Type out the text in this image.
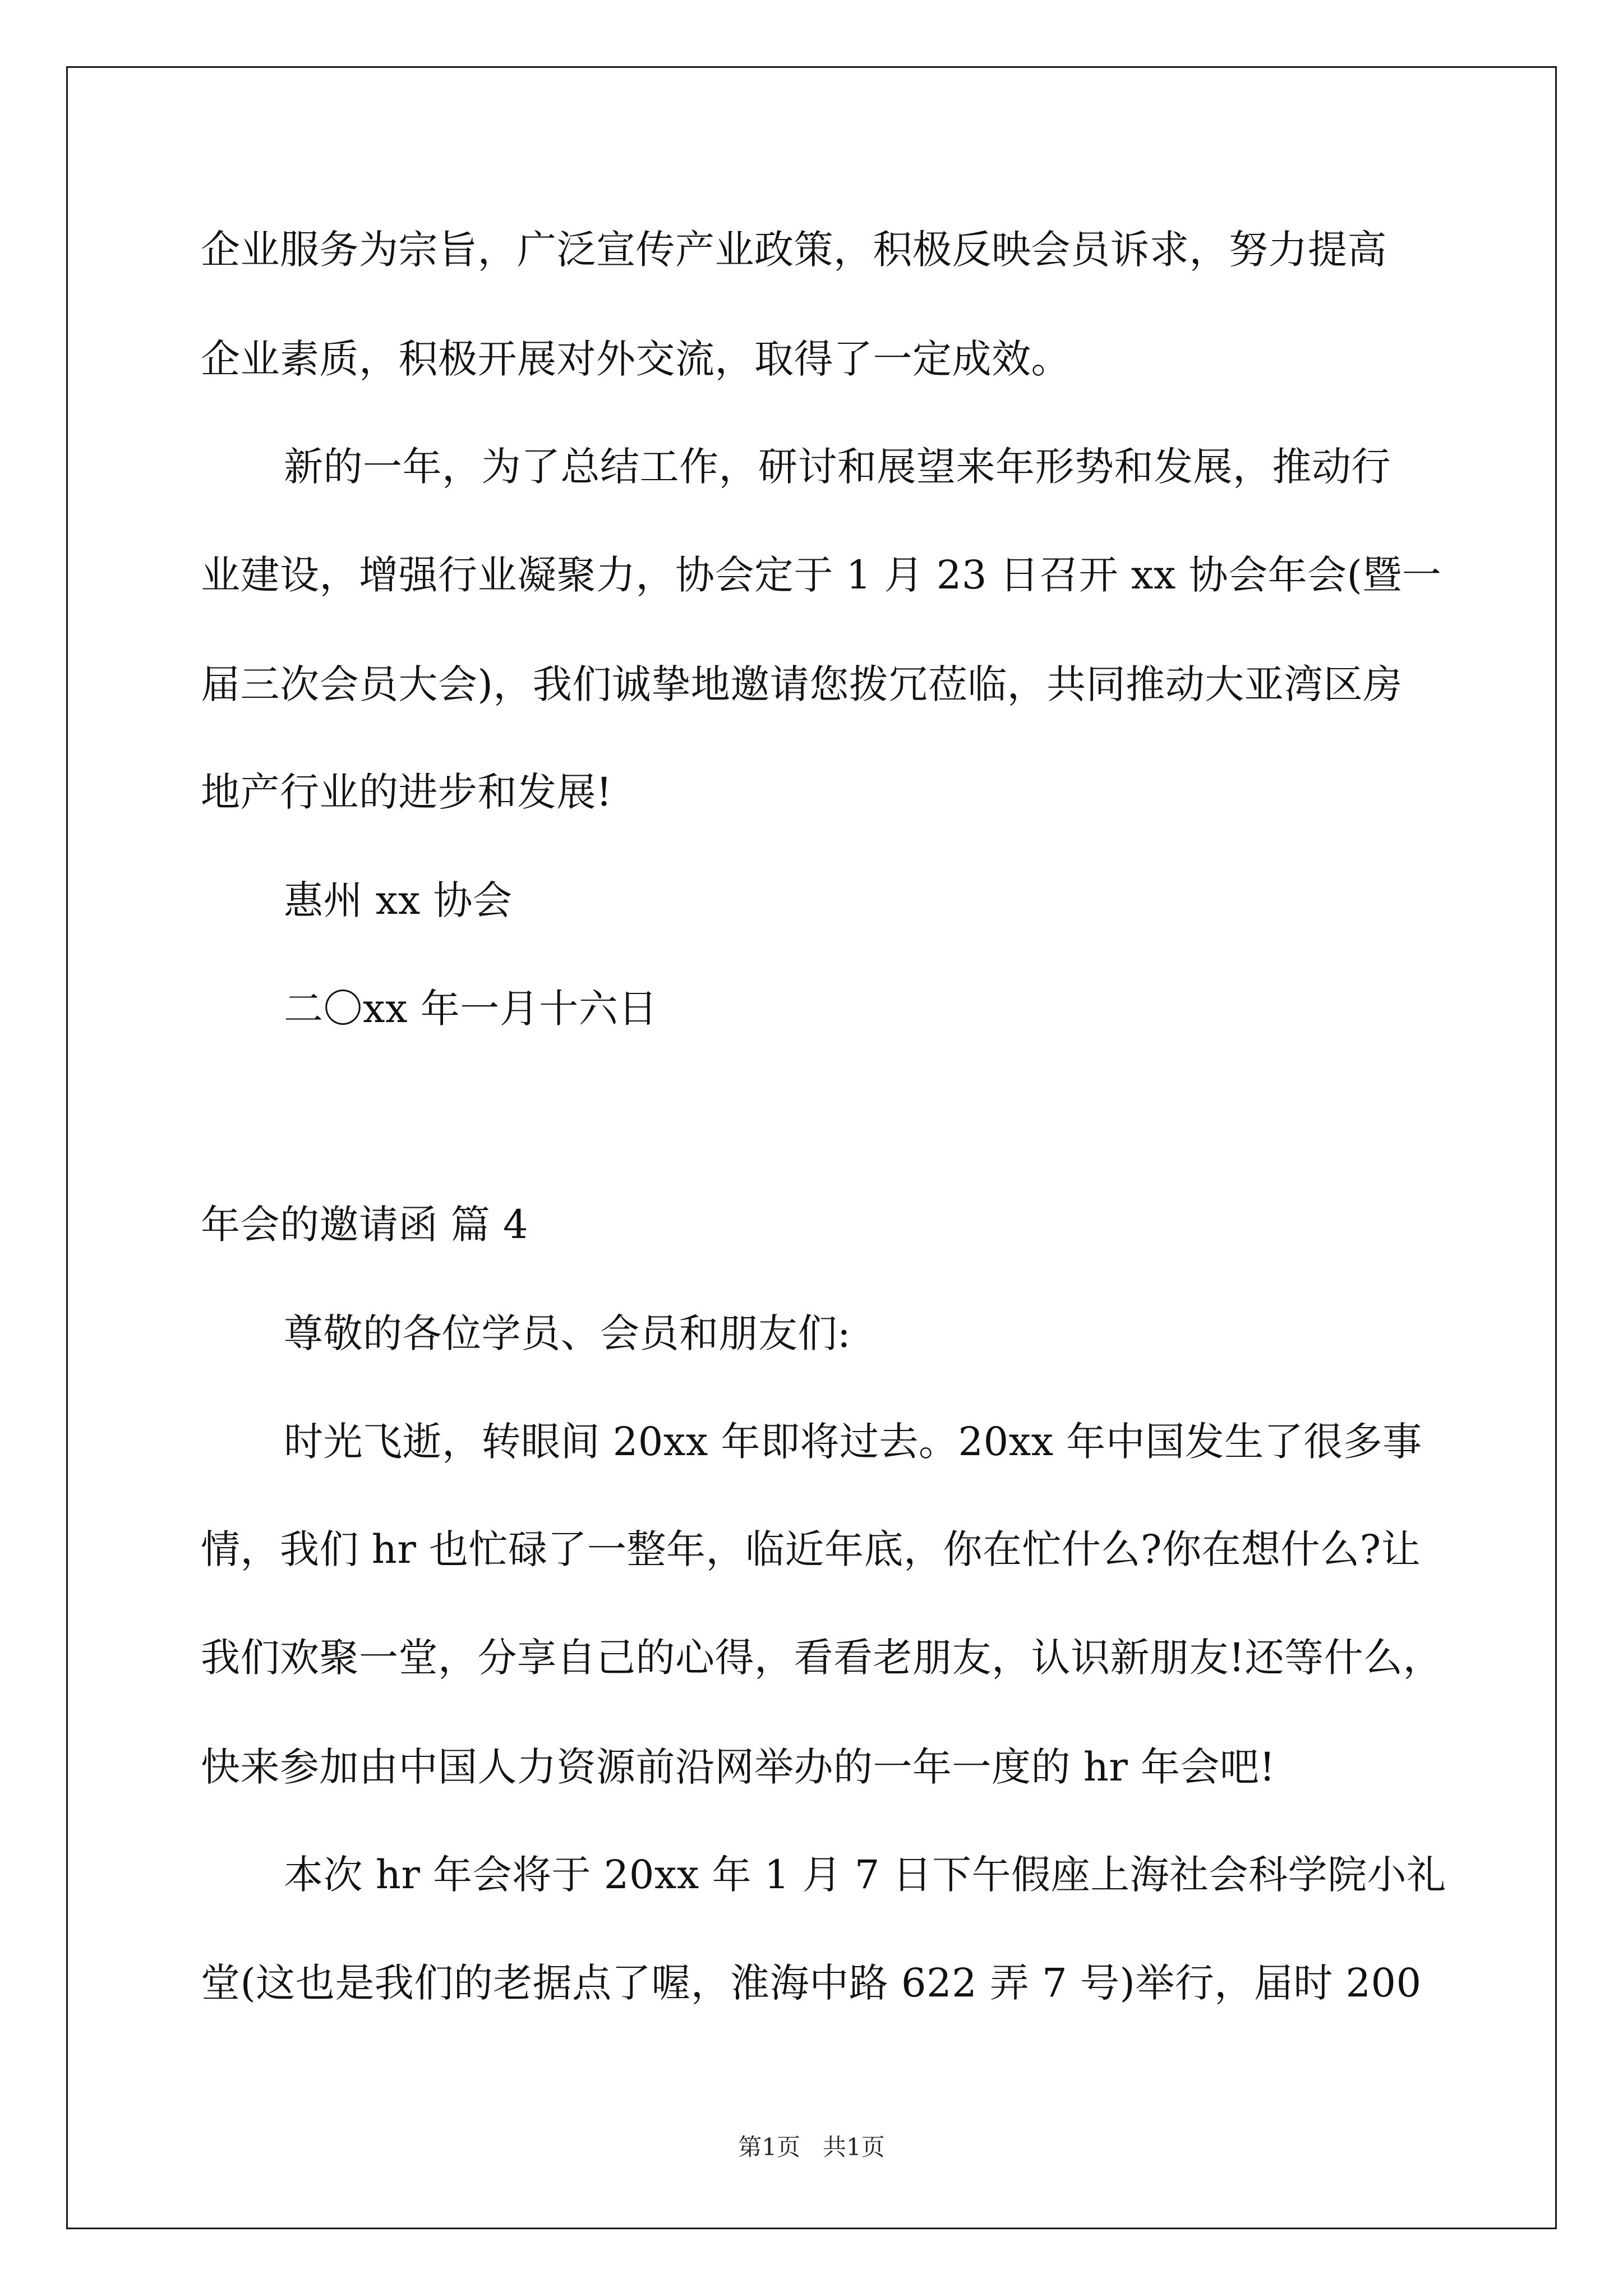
企业服务为宗旨，广泛宣传产业政策，积极反映会员诉求，努力提高
企业素质，积极开展对外交流，取得了一定成效。
新的一年，为了总结工作，研讨和展望来年形势和发展，推动行
业建设，增强行业凝聚力，协会定于 1 月 23 日召开 xx 协会年会(暨一
届三次会员大会)，我们诚挚地邀请您拨冗莅临，共同推动大亚湾区房
地产行业的进步和发展!
惠州 xx 协会
二〇xx 年一月十六日
年会的邀请函 篇 4
尊敬的各位学员、会员和朋友们:
时光飞逝，转眼间 20xx 年即将过去。20xx 年中国发生了很多事
情，我们 hr 也忙碌了一整年，临近年底，你在忙什么?你在想什么?让
我们欢聚一堂，分享自己的心得，看看老朋友，认识新朋友!还等什么，
快来参加由中国人力资源前沿网举办的一年一度的 hr 年会吧!
本次 hr 年会将于 20xx 年 1 月 7 日下午假座上海社会科学院小礼
堂(这也是我们的老据点了喔，淮海中路 622 弄 7 号)举行，届时 200
第1页   共1页
